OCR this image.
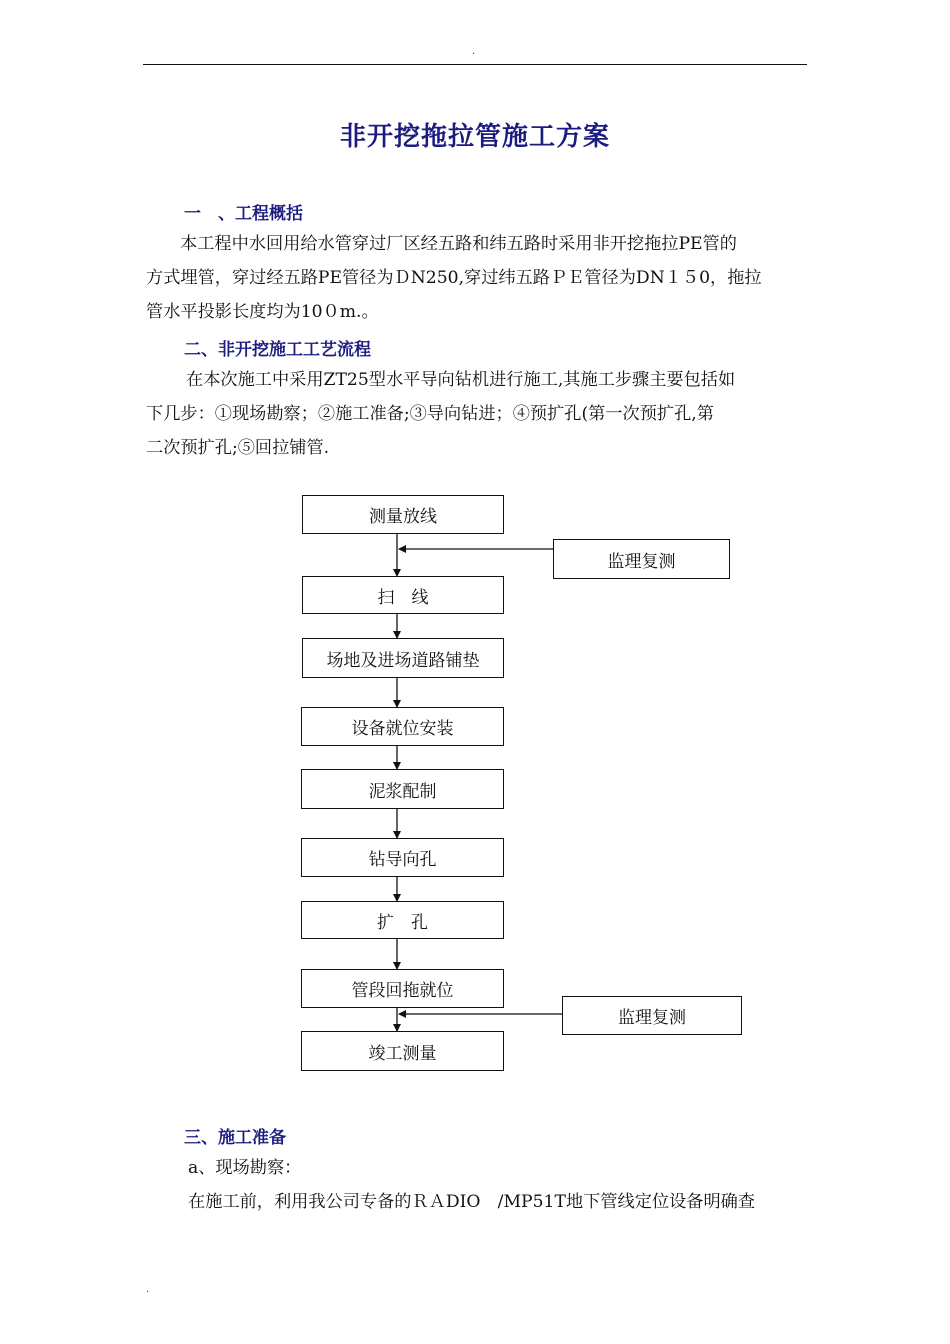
.
非开挖拖拉管施工方案
一　、工程概括

本工程中水回用给水管穿过厂区经五路和纬五路时采用非开挖拖拉PE管的

方式埋管，穿过经五路PE管径为ＤN250,穿过纬五路ＰＥ管径为DN１５0，拖拉

管水平投影长度均为10０m.。

二、非开挖施工工艺流程

在本次施工中采用ZT25型水平导向钻机进行施工,其施工步骤主要包括如

下几步：①现场勘察；②施工准备;③导向钻进；④预扩孔(第一次预扩孔,第

二次预扩孔;⑤回拉铺管.

测量放线
监理复测
扫　线
场地及进场道路铺垫
设备就位安装
泥浆配制
钻导向孔
扩　孔
管段回拖就位
监理复测
竣工测量
三、施工准备

a、现场勘察：

在施工前，利用我公司专备的ＲＡDIO　/MP51T地下管线定位设备明确查

.
